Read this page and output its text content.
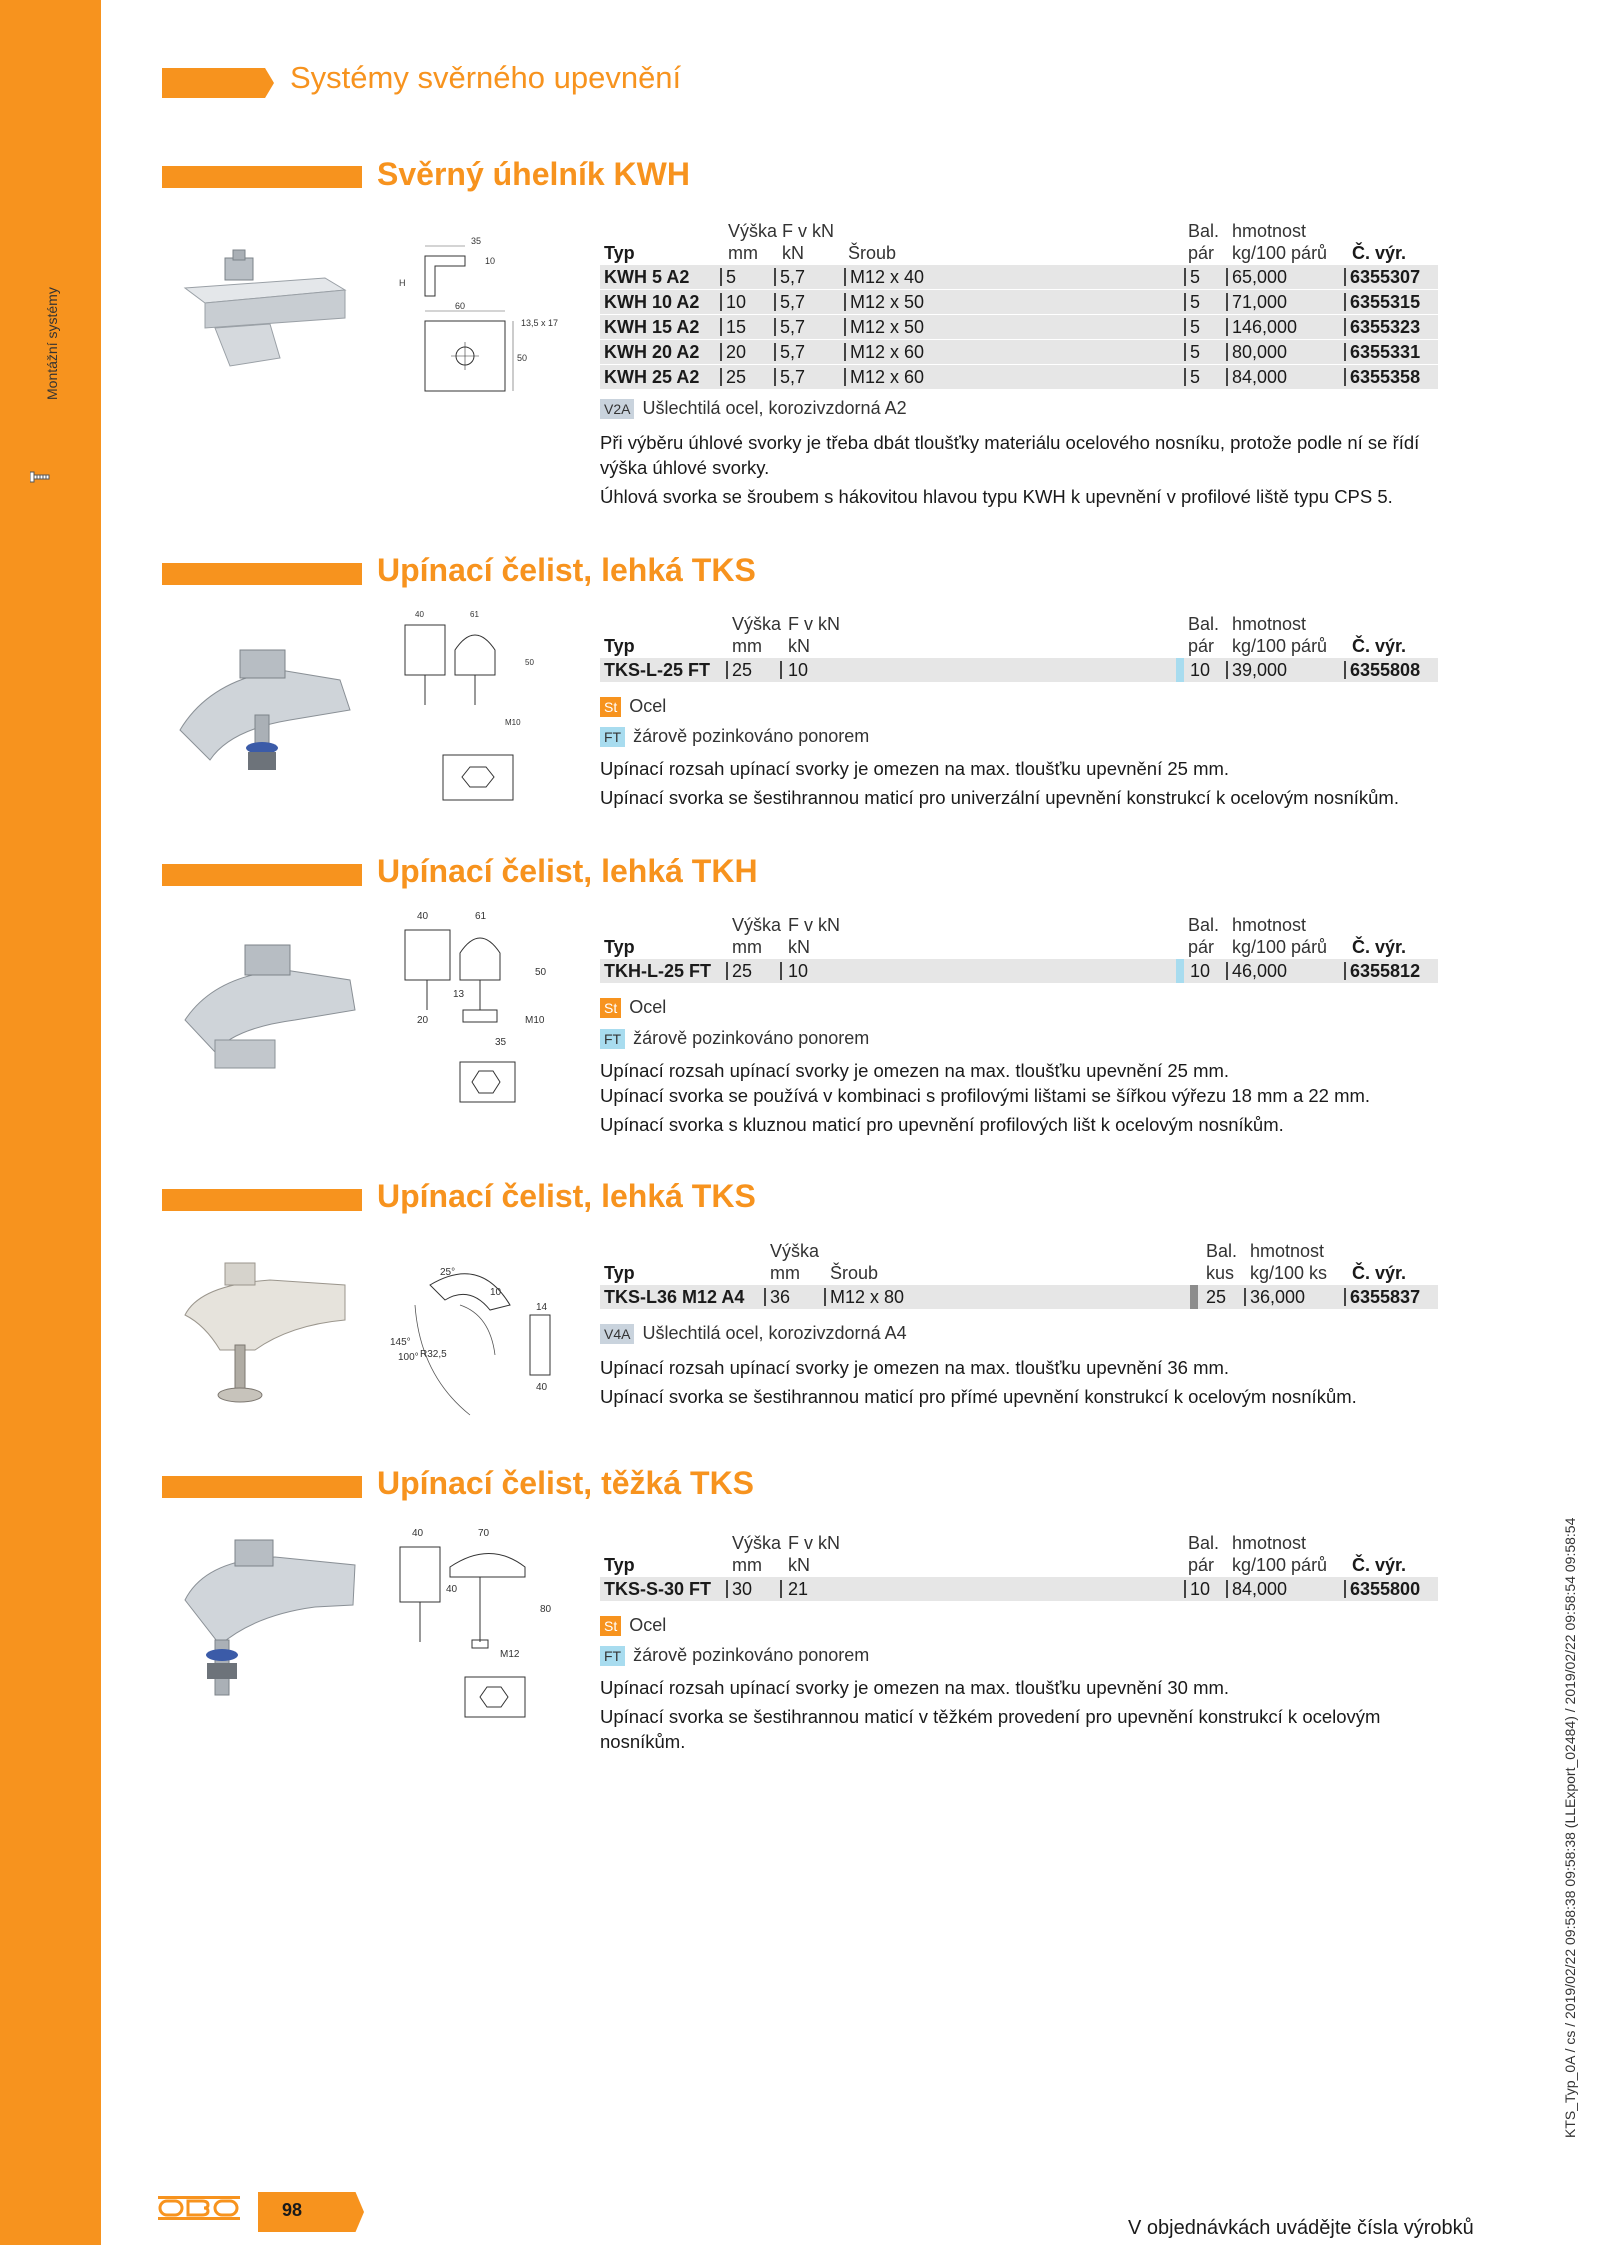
Montážní systémy
Systémy svěrného upevnění
Svěrný úhelník KWH
35
60
10
H
13,5 x 17
50
Výška F v kN	Bal. hmotnost
Typ	mm kN Šroub	pár kg/100 párů Č. výr.
KWH 5 A2 5 5,7 M12 x 40	5 65,000	6355307
KWH 10 A2 10 5,7 M12 x 50	5 71,000	6355315
KWH 15 A2 15 5,7 M12 x 50	5 146,000	6355323
KWH 20 A2 20 5,7 M12 x 60	5 80,000	6355331
KWH 25 A2 25 5,7 M12 x 60	5 84,000	6355358
V2A Ušlechtilá ocel, korozivzdorná A2

Při výběru úhlové svorky je třeba dbát tloušťky materiálu ocelového nosníku, protože podle ní se řídí výška úhlové svorky.

Úhlová svorka se šroubem s hákovitou hlavou typu KWH k upevnění v profilové liště typu CPS 5.

Upínací čelist, lehká TKS
40	61
50
M10
Výška F v kN	Bal. hmotnost
Typ	mm kN	pár kg/100 párů Č. výr.
TKS-L-25 FT 25 10	10 39,000	6355808
St Ocel
FT žárově pozinkováno ponorem

Upínací rozsah upínací svorky je omezen na max. tloušťku upevnění 25 mm.

Upínací svorka se šestihrannou maticí pro univerzální upevnění konstrukcí k ocelovým nosníkům.

Upínací čelist, lehká TKH
40	61
50
13
20	M10
35
Výška F v kN	Bal. hmotnost
Typ	mm kN	pár kg/100 párů Č. výr.
TKH-L-25 FT 25 10	10 46,000	6355812
St Ocel
FT žárově pozinkováno ponorem

Upínací rozsah upínací svorky je omezen na max. tloušťku upevnění 25 mm.

Upínací svorka se používá v kombinaci s profilovými lištami se šířkou výřezu 18 mm a 22 mm.

Upínací svorka s kluznou maticí pro upevnění profilových lišt k ocelovým nosníkům.

Upínací čelist, lehká TKS
25°
10
145°
100° R32,5
14
40
Výška	Bal. hmotnost
Typ	mm Šroub	kus kg/100 ks Č. výr.
TKS-L36 M12 A4 36 M12 x 80	25 36,000 6355837
V4A Ušlechtilá ocel, korozivzdorná A4

Upínací rozsah upínací svorky je omezen na max. tloušťku upevnění 36 mm.

Upínací svorka se šestihrannou maticí pro přímé upevnění konstrukcí k ocelovým nosníkům.

Upínací čelist, těžká TKS
40	70
40
80
M12
Výška F v kN	Bal. hmotnost
Typ	mm kN	pár kg/100 párů Č. výr.
TKS-S-30 FT 30 21	10 84,000	6355800
St Ocel
FT žárově pozinkováno ponorem

Upínací rozsah upínací svorky je omezen na max. tloušťku upevnění 30 mm.

Upínací svorka se šestihrannou maticí v těžkém provedení pro upevnění konstrukcí k ocelovým nosníkům.

98
V objednávkách uvádějte čísla výrobků
KTS_Typ_0A / cs / 2019/02/22 09:58:38 09:58:38 (LLExport_02484) / 2019/02/22 09:58:54 09:58:54
